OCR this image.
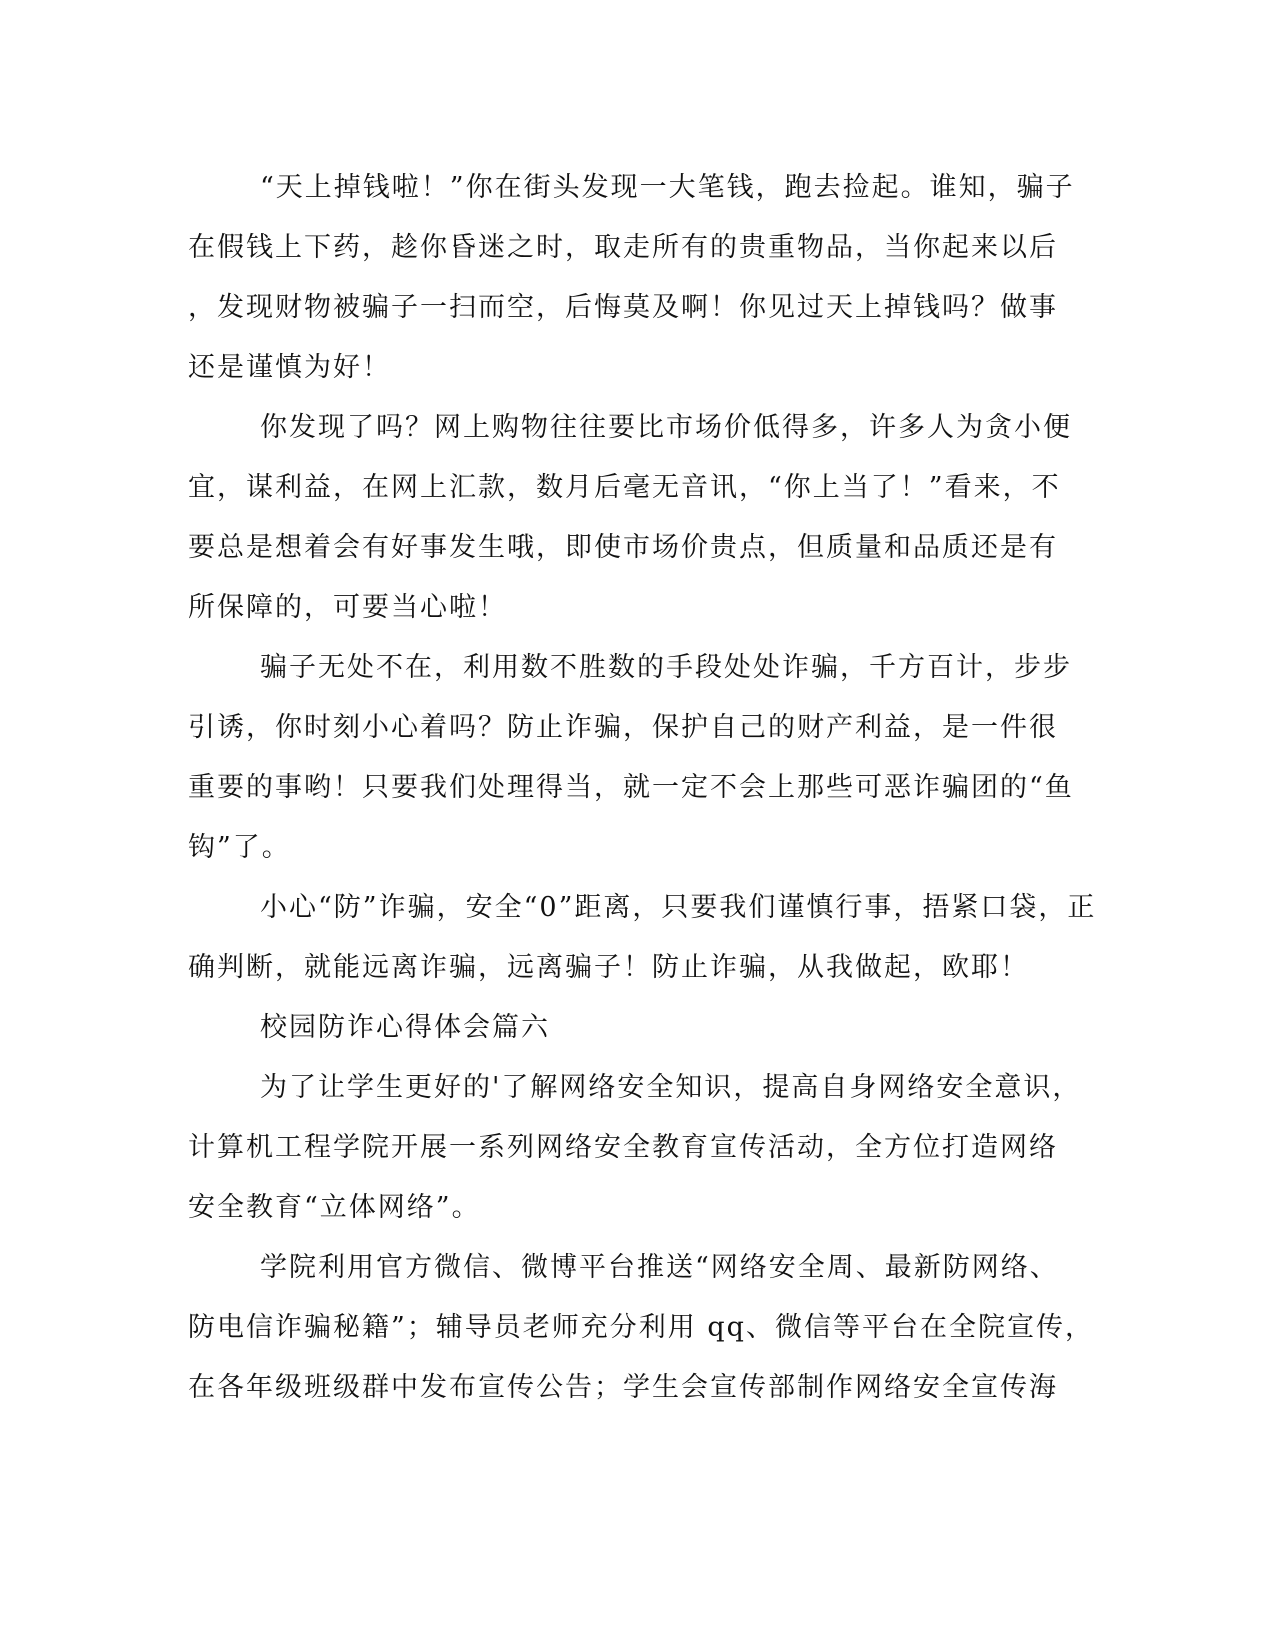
“天上掉钱啦！”你在街头发现一大笔钱，跑去捡起。谁知，骗子
在假钱上下药，趁你昏迷之时，取走所有的贵重物品，当你起来以后
，发现财物被骗子一扫而空，后悔莫及啊！你见过天上掉钱吗？做事
还是谨慎为好！
你发现了吗？网上购物往往要比市场价低得多，许多人为贪小便
宜，谋利益，在网上汇款，数月后毫无音讯，“你上当了！”看来，不
要总是想着会有好事发生哦，即使市场价贵点，但质量和品质还是有
所保障的，可要当心啦！
骗子无处不在，利用数不胜数的手段处处诈骗，千方百计，步步
引诱，你时刻小心着吗？防止诈骗，保护自己的财产利益，是一件很
重要的事哟！只要我们处理得当，就一定不会上那些可恶诈骗团的“鱼
钩”了。
小心“防”诈骗，安全“0”距离，只要我们谨慎行事，捂紧口袋，正
确判断，就能远离诈骗，远离骗子！防止诈骗，从我做起，欧耶！
校园防诈心得体会篇六
为了让学生更好的'了解网络安全知识，提高自身网络安全意识，
计算机工程学院开展一系列网络安全教育宣传活动，全方位打造网络
安全教育“立体网络”。
学院利用官方微信、微博平台推送“网络安全周、最新防网络、
防电信诈骗秘籍”；辅导员老师充分利用 qq、微信等平台在全院宣传，
在各年级班级群中发布宣传公告；学生会宣传部制作网络安全宣传海
